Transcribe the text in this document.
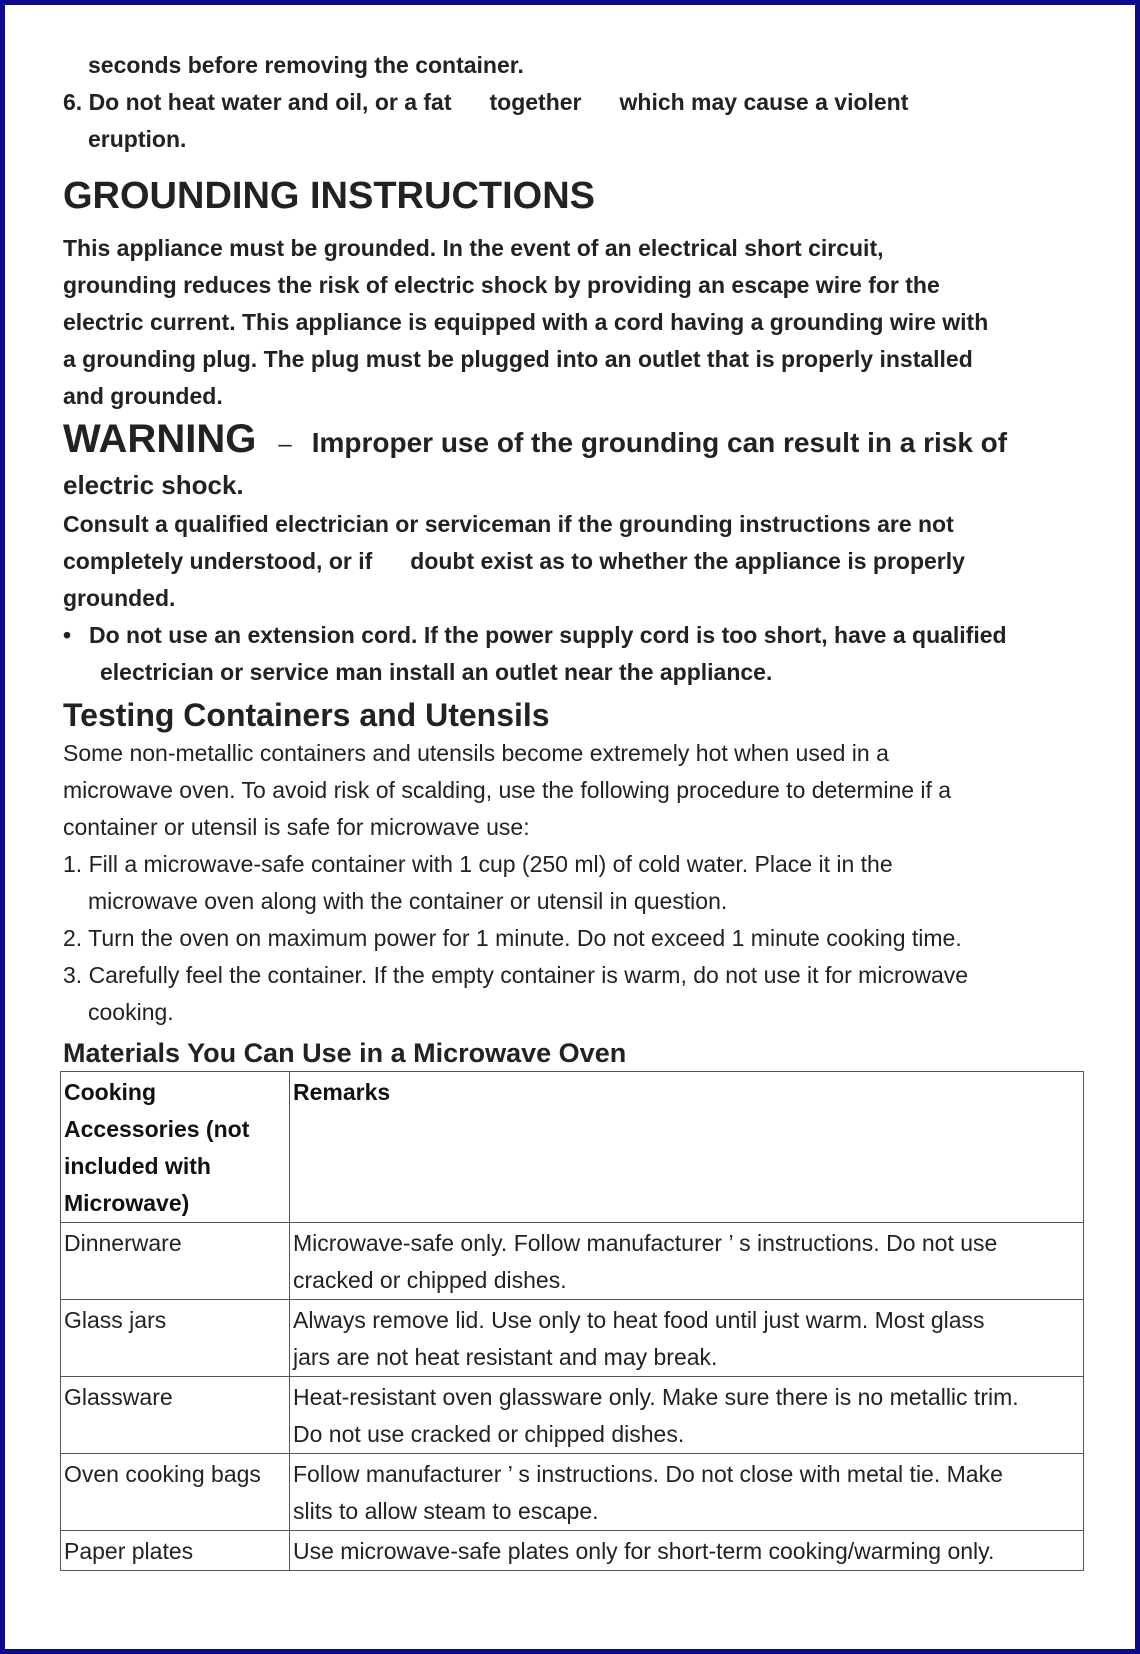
seconds before removing the container.
6. Do not heat water and oil, or a fat together which may cause a violent
eruption.
GROUNDING INSTRUCTIONS
This appliance must be grounded. In the event of an electrical short circuit,
grounding reduces the risk of electric shock by providing an escape wire for the
electric current. This appliance is equipped with a cord having a grounding wire with
a grounding plug. The plug must be plugged into an outlet that is properly installed
and grounded.
WARNING – Improper use of the grounding can result in a risk of
electric shock.
Consult a qualified electrician or serviceman if the grounding instructions are not
completely understood, or if doubt exist as to whether the appliance is properly
grounded.
• Do not use an extension cord. If the power supply cord is too short, have a qualified
electrician or service man install an outlet near the appliance.
Testing Containers and Utensils
Some non-metallic containers and utensils become extremely hot when used in a
microwave oven. To avoid risk of scalding, use the following procedure to determine if a
container or utensil is safe for microwave use:
1. Fill a microwave-safe container with 1 cup (250 ml) of cold water. Place it in the
microwave oven along with the container or utensil in question.
2. Turn the oven on maximum power for 1 minute. Do not exceed 1 minute cooking time.
3. Carefully feel the container. If the empty container is warm, do not use it for microwave
cooking.
Materials You Can Use in a Microwave Oven
Cooking
Accessories (not
included with
Microwave)	Remarks
Dinnerware	Microwave-safe only. Follow manufacturer ’ s instructions. Do not use
cracked or chipped dishes.

Glass jars	Always remove lid. Use only to heat food until just warm. Most glass
jars are not heat resistant and may break.

Glassware	Heat-resistant oven glassware only. Make sure there is no metallic trim.
Do not use cracked or chipped dishes.

Oven cooking bags	Follow manufacturer ’ s instructions. Do not close with metal tie. Make
slits to allow steam to escape.

Paper plates	Use microwave-safe plates only for short-term cooking/warming only.
